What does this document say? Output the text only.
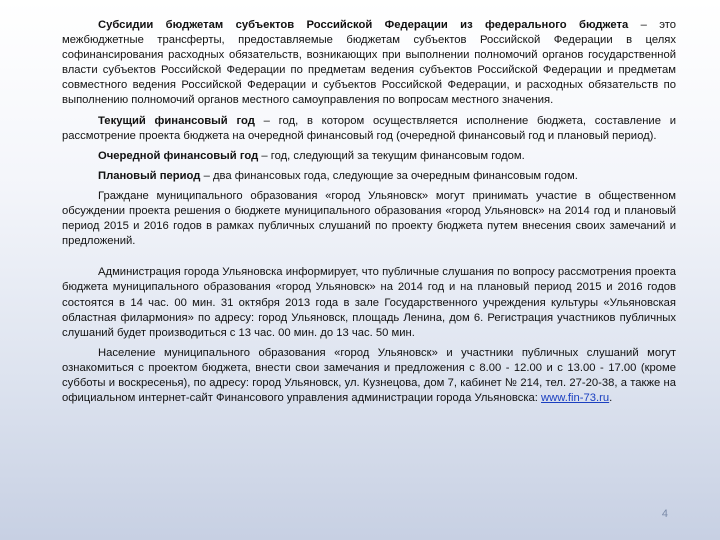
Субсидии бюджетам субъектов Российской Федерации из федерального бюджета – это межбюджетные трансферты, предоставляемые бюджетам субъектов Российской Федерации в целях софинансирования расходных обязательств, возникающих при выполнении полномочий органов государственной власти субъектов Российской Федерации по предметам ведения субъектов Российской Федерации и предметам совместного ведения Российской Федерации и субъектов Российской Федерации, и расходных обязательств по выполнению полномочий органов местного самоуправления по вопросам местного значения.

Текущий финансовый год – год, в котором осуществляется исполнение бюджета, составление и рассмотрение проекта бюджета на очередной финансовый год (очередной финансовый год и плановый период).

Очередной финансовый год – год, следующий за текущим финансовым годом.

Плановый период – два финансовых года, следующие за очередным финансовым годом.

Граждане муниципального образования «город Ульяновск» могут принимать участие в общественном обсуждении проекта решения о бюджете муниципального образования «город Ульяновск» на 2014 год и плановый период 2015 и 2016 годов в рамках публичных слушаний по проекту бюджета путем внесения своих замечаний и предложений.

Администрация города Ульяновска информирует, что публичные слушания по вопросу рассмотрения проекта бюджета муниципального образования «город Ульяновск» на 2014 год и на плановый период 2015 и 2016 годов состоятся в 14 час. 00 мин. 31 октября 2013 года в зале Государственного учреждения культуры «Ульяновская областная филармония» по адресу: город Ульяновск, площадь Ленина, дом 6. Регистрация участников публичных слушаний будет производиться с 13 час. 00 мин. до 13 час. 50 мин.

Население муниципального образования «город Ульяновск» и участники публичных слушаний могут ознакомиться с проектом бюджета, внести свои замечания и предложения с 8.00 - 12.00 и с 13.00 - 17.00 (кроме субботы и воскресенья), по адресу: город Ульяновск, ул. Кузнецова, дом 7, кабинет № 214, тел. 27-20-38, а также на официальном интернет-сайт Финансового управления администрации города Ульяновска: www.fin-73.ru.

4
